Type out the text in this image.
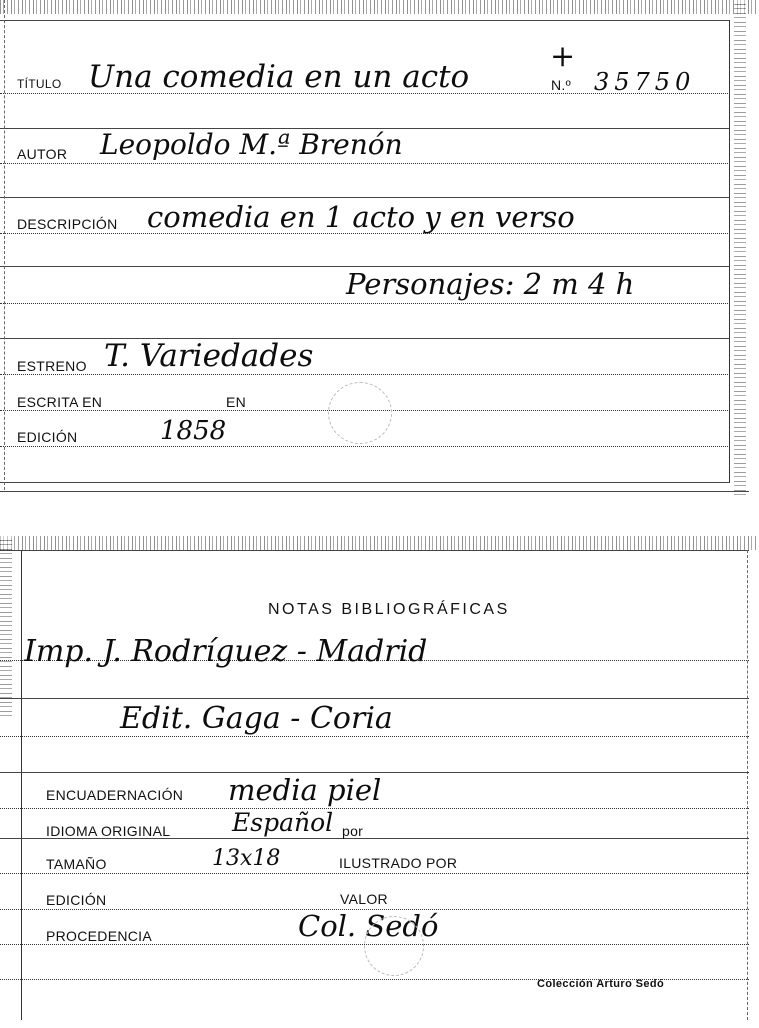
TÍTULO Una comedia en un acto
+
N.º 35750
AUTOR Leopoldo M.ª Brenón
DESCRIPCIÓN comedia en 1 acto y en verso
Personajes: 2 m 4 h
ESTRENO T. Variedades
ESCRITA EN	EN
EDICIÓN	1858
NOTAS BIBLIOGRÁFICAS
Imp. J. Rodríguez - Madrid
Edit. Gaga - Coria
ENCUADERNACIÓN media piel
IDIOMA ORIGINAL Español por
TAMAÑO	13x18	ILUSTRADO POR
EDICIÓN	VALOR
PROCEDENCIA	Col. Sedó
Colección Arturo Sedó
